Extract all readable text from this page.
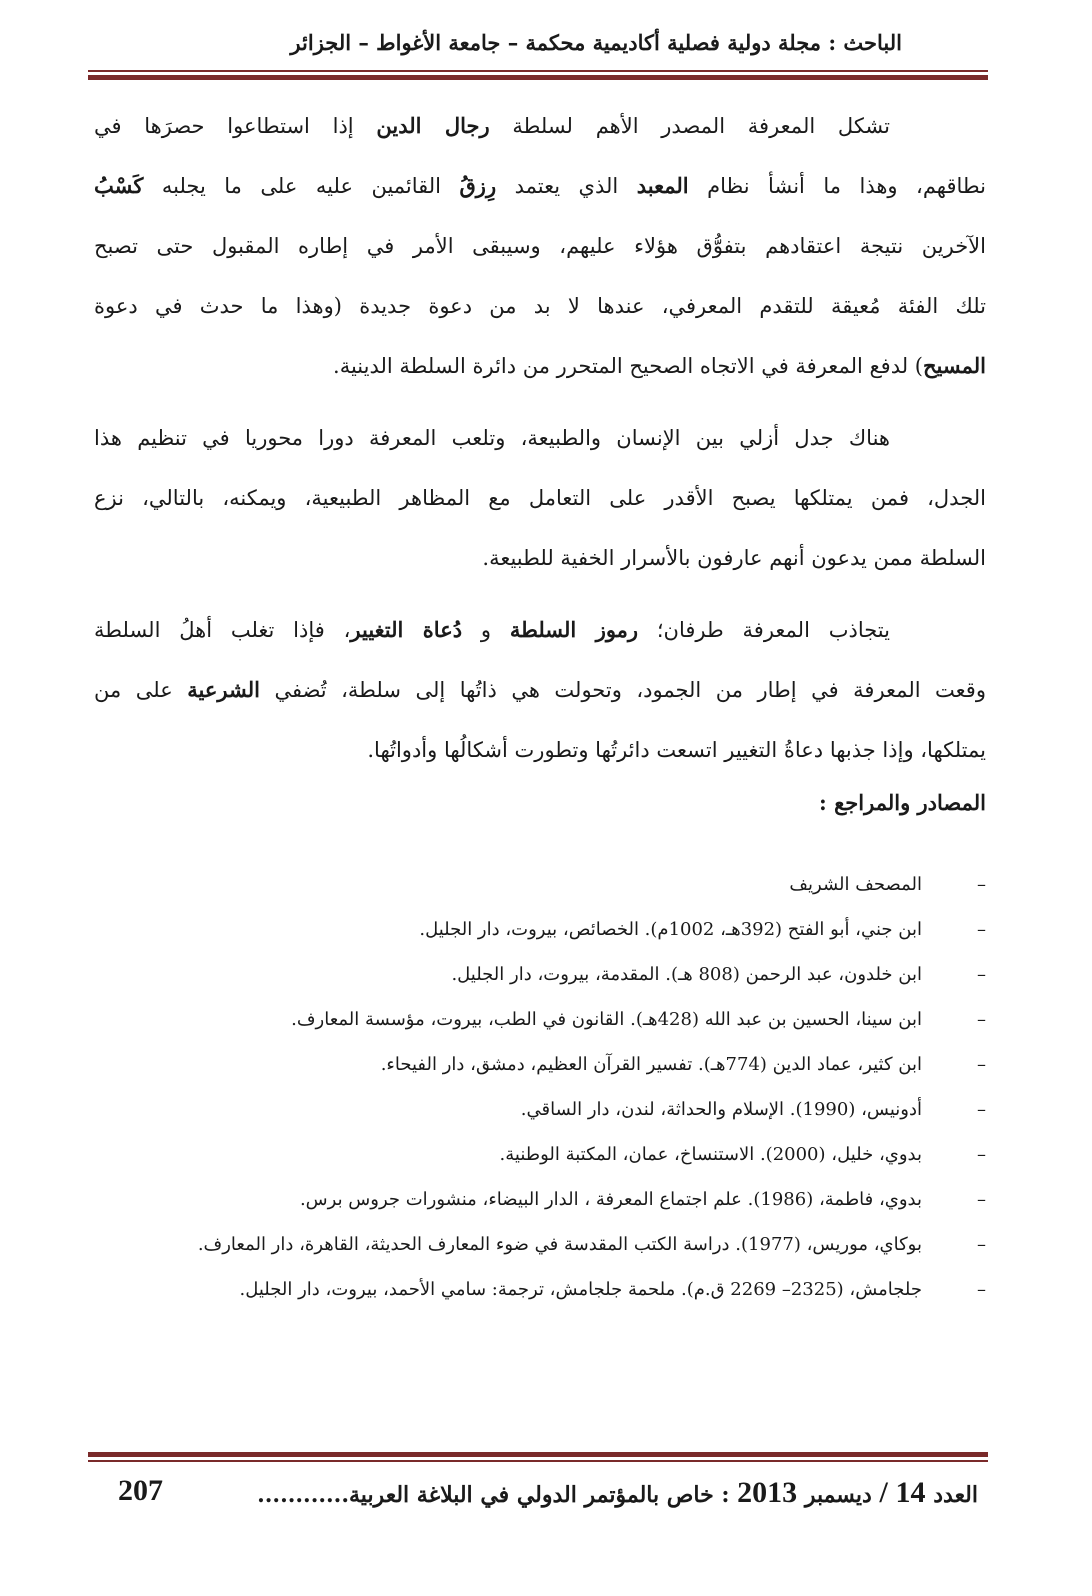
الباحث : مجلة دولية فصلية أكاديمية محكمة – جامعة الأغواط – الجزائر
تشكل المعرفة المصدر الأهم لسلطة رجال الدين إذا استطاعوا حصرَها في
نطاقهم، وهذا ما أنشأ نظام المعبد الذي يعتمد رِزقُ القائمين عليه على ما يجلبه كَسْبُ
الآخرين نتيجة اعتقادهم بتفوُّق هؤلاء عليهم، وسيبقى الأمر في إطاره المقبول حتى تصبح
تلك الفئة مُعيقة للتقدم المعرفي، عندها لا بد من دعوة جديدة (وهذا ما حدث في دعوة
المسيح) لدفع المعرفة في الاتجاه الصحيح المتحرر من دائرة السلطة الدينية.
هناك جدل أزلي بين الإنسان والطبيعة، وتلعب المعرفة دورا محوريا في تنظيم هذا
الجدل، فمن يمتلكها يصبح الأقدر على التعامل مع المظاهر الطبيعية، ويمكنه، بالتالي، نزع
السلطة ممن يدعون أنهم عارفون بالأسرار الخفية للطبيعة.
يتجاذب المعرفة طرفان؛ رموز السلطة و دُعاة التغيير، فإذا تغلب أهلُ السلطة
وقعت المعرفة في إطار من الجمود، وتحولت هي ذاتُها إلى سلطة، تُضفي الشرعية على من
يمتلكها، وإذا جذبها دعاةُ التغيير اتسعت دائرتُها وتطورت أشكالُها وأدواتُها.
المصادر والمراجع :
–
المصحف الشريف
–
ابن جني، أبو الفتح (392هـ، 1002م). الخصائص، بيروت، دار الجليل.
–
ابن خلدون، عبد الرحمن (808 هـ). المقدمة، بيروت، دار الجليل.
–
ابن سينا، الحسين بن عبد الله (428هـ). القانون في الطب، بيروت، مؤسسة المعارف.
–
ابن كثير، عماد الدين (774هـ). تفسير القرآن العظيم، دمشق، دار الفيحاء.
–
أدونيس، (1990). الإسلام والحداثة، لندن، دار الساقي.
–
بدوي، خليل، (2000). الاستنساخ، عمان، المكتبة الوطنية.
–
بدوي، فاطمة، (1986). علم اجتماع المعرفة ، الدار البيضاء، منشورات جروس برس.
–
بوكاي، موريس، (1977). دراسة الكتب المقدسة في ضوء المعارف الحديثة، القاهرة، دار المعارف.
–
جلجامش، (2325– 2269 ق.م). ملحمة جلجامش، ترجمة: سامي الأحمد، بيروت، دار الجليل.
العدد 14 / ديسمبر 2013 : خاص بالمؤتمر الدولي في البلاغة العربية............
207
